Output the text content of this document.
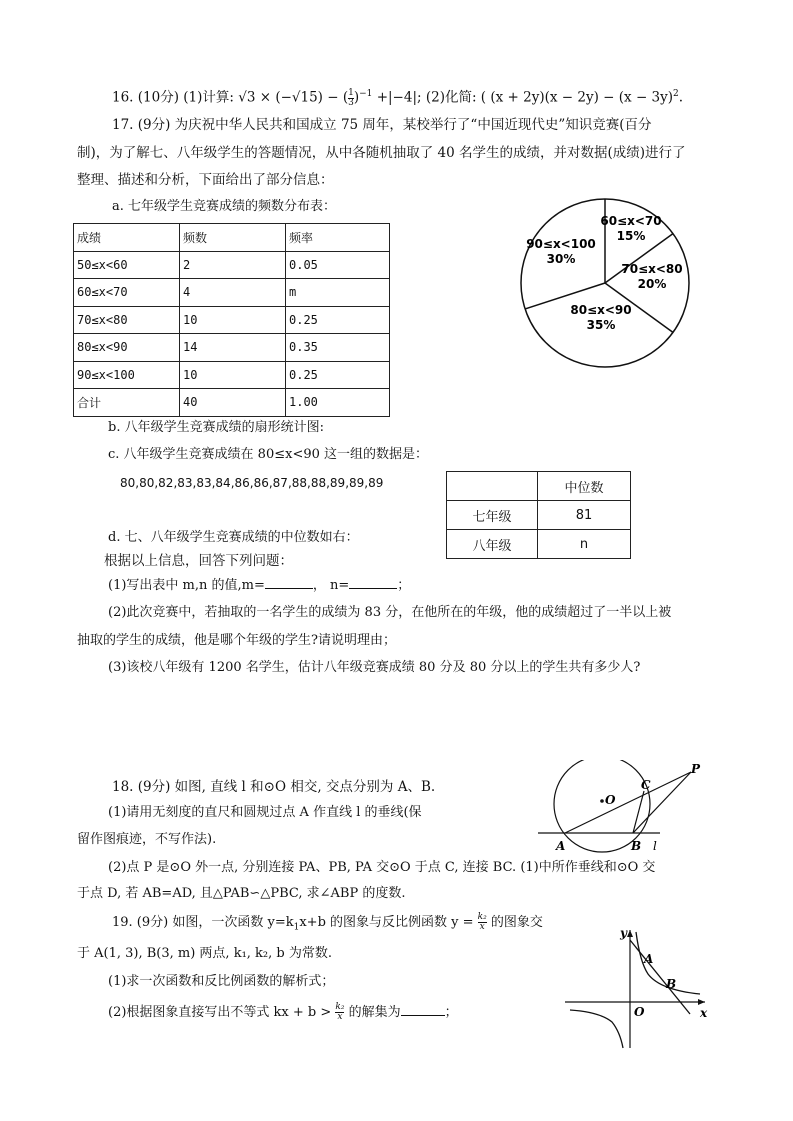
16. (10分) (1)计算: √3 × (−√15) − ( $\frac{1}{3} )^{-1} +|-4|$; (2)化简: ( $(x + 2y)(x - 2y) - (x - 3y)^2$.
17. (9分) 为庆祝中华人民共和国成立 75 周年，某校举行了“中国近现代史”知识竞赛(百分
制)，为了解七、八年级学生的答题情况，从中各随机抽取了 40 名学生的成绩，并对数据(成绩)进行了
整理、描述和分析，下面给出了部分信息：
a. 七年级学生竞赛成绩的频数分布表：
成绩	频数	频率
50≤x<60	2	0.05
60≤x<70	4	m
70≤x<80	10	0.25
80≤x<90	14	0.35
90≤x<100	10	0.25
合计	40	1.00
60≤x<70
15%
70≤x<80
20%
80≤x<90
35%
90≤x<100
30%
b. 八年级学生竞赛成绩的扇形统计图:
c. 八年级学生竞赛成绩在 80≤x<90 这一组的数据是：
80,80,82,83,83,84,86,86,87,88,88,89,89,89
		中位数
七年级	81
八年级	n
d. 七、八年级学生竞赛成绩的中位数如右：
根据以上信息，回答下列问题：
(1)写出表中 m,n 的值,m=	， n=	；
(2)此次竞赛中，若抽取的一名学生的成绩为 83 分，在他所在的年级，他的成绩超过了一半以上被
抽取的学生的成绩，他是哪个年级的学生?请说明理由；
(3)该校八年级有 1200 名学生，估计八年级竞赛成绩 80 分及 80 分以上的学生共有多少人?
18. (9分) 如图, 直线 l 和⊙O 相交, 交点分别为 A、B.
(1)请用无刻度的直尺和圆规过点 A 作直线 l 的垂线(保
留作图痕迹，不写作法).
(2)点 P 是⊙O 外一点, 分别连接 PA、PB, PA 交⊙O 于点 C, 连接 BC. (1)中所作垂线和⊙O 交
于点 D, 若 AB=AD, 且△PAB∽△PBC, 求∠ABP 的度数.
P
C
O
A	B l
19. (9分) 如图，一次函数 $y=k_1x+b$ 的图象与反比例函数 $y = \frac{\text{k₂}}{x}$ 的图象交
于 A(1, 3), B(3, m) 两点, k₁, k₂, b 为常数.
(1)求一次函数和反比例函数的解析式；
(2)根据图象直接写出不等式 kx + $b > \frac{\text{k₂}}{x}$ 的解集为	；
y
x
O
A
B
